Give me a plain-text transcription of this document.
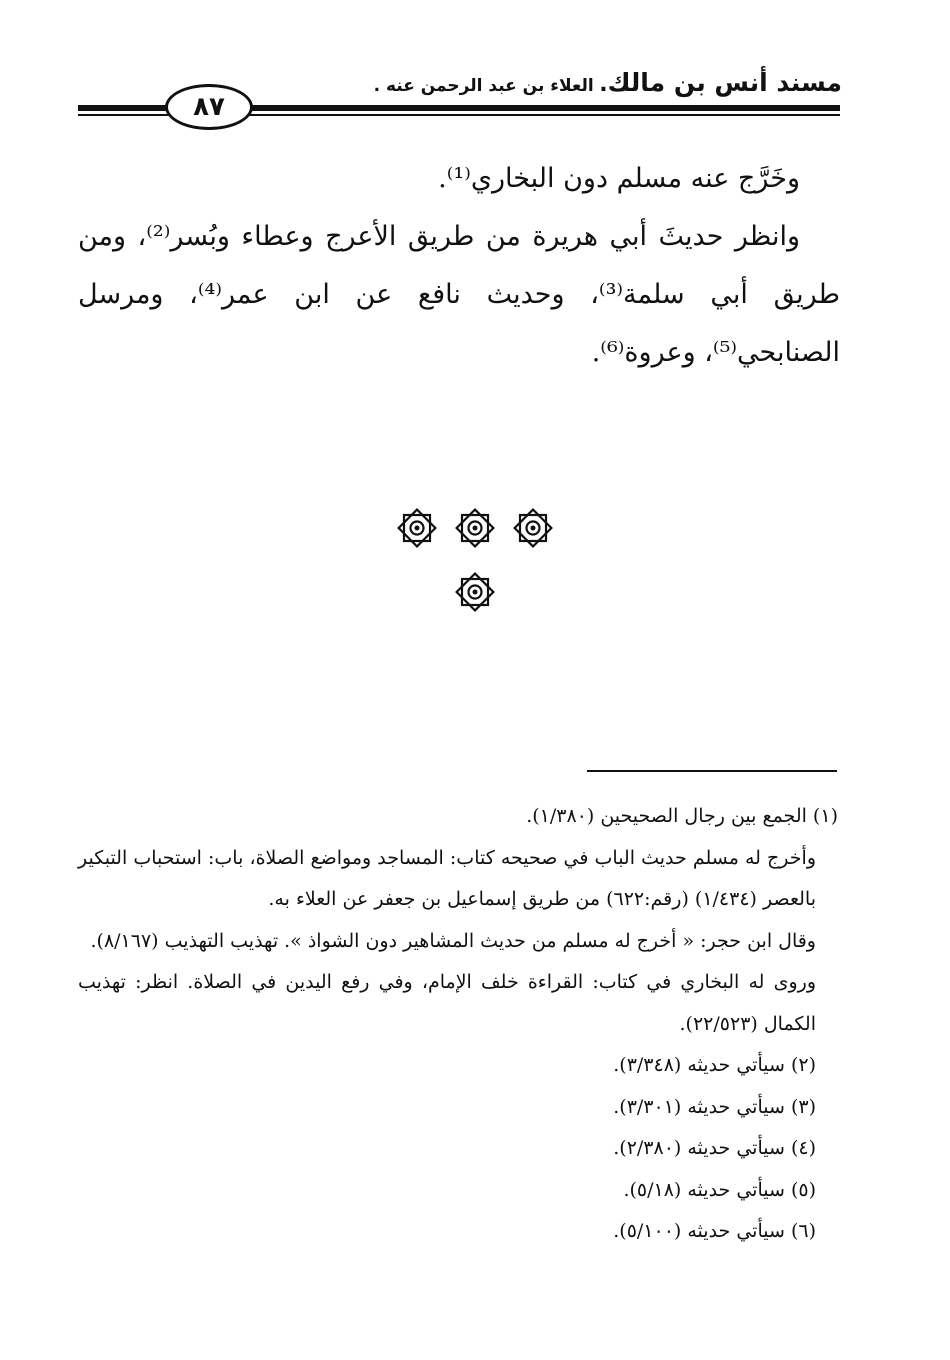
مسند أنس بن مالك. العلاء بن عبد الرحمن عنه .
٨٧

وخَرَّج عنه مسلم دون البخاري⁽¹⁾.

وانظر حديثَ أبي هريرة من طريق الأعرج وعطاء وبُسر⁽²⁾، ومن طريق أبي سلمة⁽³⁾، وحديث نافع عن ابن عمر⁽⁴⁾، ومرسل الصنابحي⁽⁵⁾، وعروة⁽⁶⁾.

(١) الجمع بين رجال الصحيحين (١/٣٨٠).

وأخرج له مسلم حديث الباب في صحيحه كتاب: المساجد ومواضع الصلاة، باب: استحباب التبكير بالعصر (١/٤٣٤) (رقم:٦٢٢) من طريق إسماعيل بن جعفر عن العلاء به.

وقال ابن حجر: « أخرج له مسلم من حديث المشاهير دون الشواذ ». تهذيب التهذيب (٨/١٦٧).

وروى له البخاري في كتاب: القراءة خلف الإمام، وفي رفع اليدين في الصلاة. انظر: تهذيب الكمال (٢٢/٥٢٣).

(٢) سيأتي حديثه (٣/٣٤٨).

(٣) سيأتي حديثه (٣/٣٠١).

(٤) سيأتي حديثه (٢/٣٨٠).

(٥) سيأتي حديثه (٥/١٨).

(٦) سيأتي حديثه (٥/١٠٠).
